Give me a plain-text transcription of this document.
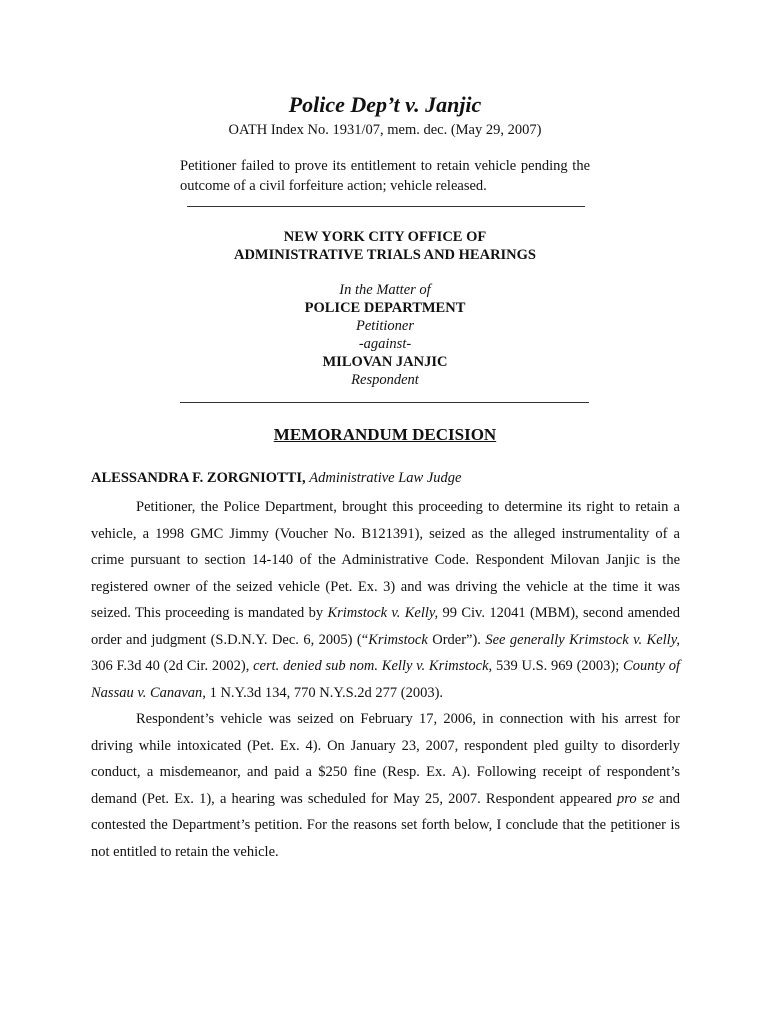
Police Dep’t v. Janjic
OATH Index No. 1931/07, mem. dec. (May 29, 2007)
Petitioner failed to prove its entitlement to retain vehicle pending the outcome of a civil forfeiture action; vehicle released.
NEW YORK CITY OFFICE OF
ADMINISTRATIVE TRIALS AND HEARINGS
In the Matter of
POLICE DEPARTMENT
Petitioner
-against-
MILOVAN JANJIC
Respondent
MEMORANDUM DECISION
ALESSANDRA F. ZORGNIOTTI, Administrative Law Judge

Petitioner, the Police Department, brought this proceeding to determine its right to retain a vehicle, a 1998 GMC Jimmy (Voucher No. B121391), seized as the alleged instrumentality of a crime pursuant to section 14-140 of the Administrative Code. Respondent Milovan Janjic is the registered owner of the seized vehicle (Pet. Ex. 3) and was driving the vehicle at the time it was seized. This proceeding is mandated by Krimstock v. Kelly, 99 Civ. 12041 (MBM), second amended order and judgment (S.D.N.Y. Dec. 6, 2005) (“Krimstock Order”). See generally Krimstock v. Kelly, 306 F.3d 40 (2d Cir. 2002), cert. denied sub nom. Kelly v. Krimstock, 539 U.S. 969 (2003); County of Nassau v. Canavan, 1 N.Y.3d 134, 770 N.Y.S.2d 277 (2003).

Respondent’s vehicle was seized on February 17, 2006, in connection with his arrest for driving while intoxicated (Pet. Ex. 4). On January 23, 2007, respondent pled guilty to disorderly conduct, a misdemeanor, and paid a $250 fine (Resp. Ex. A). Following receipt of respondent’s demand (Pet. Ex. 1), a hearing was scheduled for May 25, 2007. Respondent appeared pro se and contested the Department’s petition. For the reasons set forth below, I conclude that the petitioner is not entitled to retain the vehicle.
